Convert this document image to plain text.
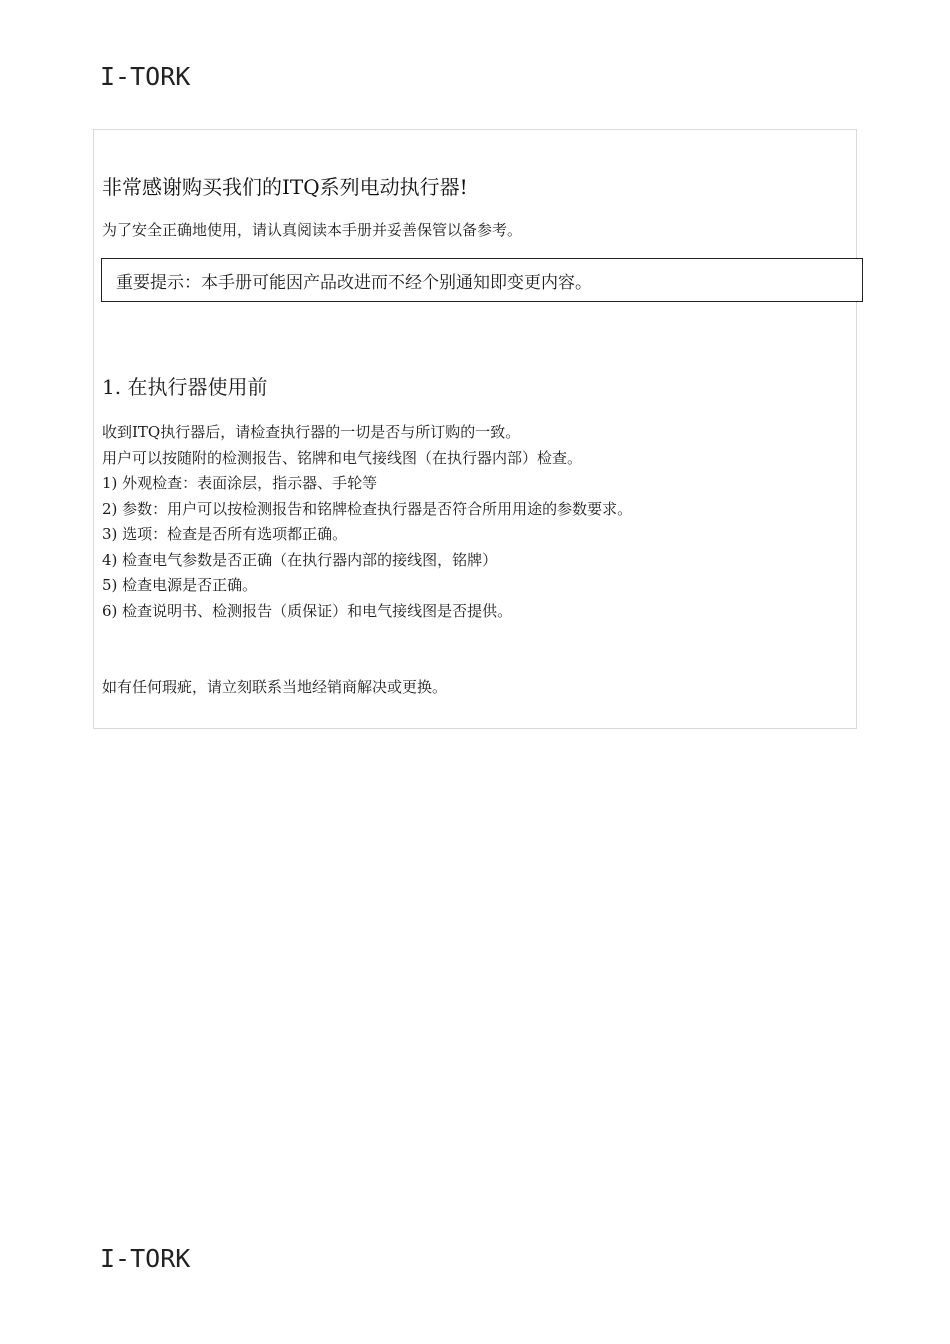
I-TORK
非常感谢购买我们的ITQ系列电动执行器!
为了安全正确地使用，请认真阅读本手册并妥善保管以备参考。
重要提示：本手册可能因产品改进而不经个别通知即变更内容。
1. 在执行器使用前
收到ITQ执行器后，请检查执行器的一切是否与所订购的一致。
用户可以按随附的检测报告、铭牌和电气接线图（在执行器内部）检查。
1) 外观检查：表面涂层，指示器、手轮等
2) 参数：用户可以按检测报告和铭牌检查执行器是否符合所用用途的参数要求。
3) 选项：检查是否所有选项都正确。
4) 检查电气参数是否正确（在执行器内部的接线图，铭牌）
5) 检查电源是否正确。
6) 检查说明书、检测报告（质保证）和电气接线图是否提供。
如有任何瑕疵，请立刻联系当地经销商解决或更换。
I-TORK
